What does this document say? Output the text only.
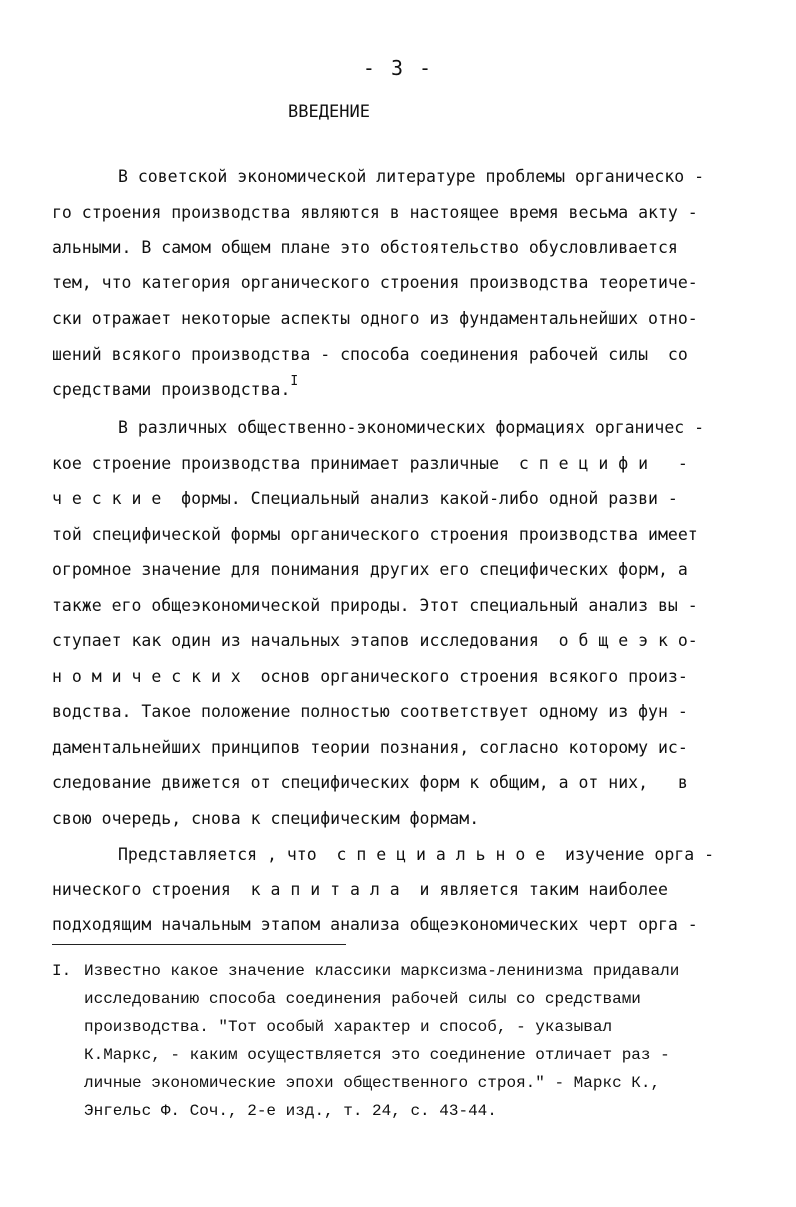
- 3 -
ВВЕДЕНИЕ
В советской экономической литературе проблемы органическо -
го строения производства являются в настоящее время весьма акту -
альными. В самом общем плане это обстоятельство обусловливается
тем, что категория органического строения производства теоретиче-
ски отражает некоторые аспекты одного из фундаментальнейших отно-
шений всякого производства - способа соединения рабочей силы  со
средствами производства.$^I$
В различных общественно-экономических формациях органичес -
кое строение производства принимает различные  с п е ц и ф и   -
ч е с к и е  формы. Специальный анализ какой-либо одной разви -
той специфической формы органического строения производства имеет
огромное значение для понимания других его специфических форм, а
также его общеэкономической природы. Этот специальный анализ вы -
ступает как один из начальных этапов исследования  о б щ е э к о-
н о м и ч е с к и х  основ органического строения всякого произ-
водства. Такое положение полностью соответствует одному из фун -
даментальнейших принципов теории познания, согласно которому ис-
следование движется от специфических форм к общим, а от них,   в
свою очередь, снова к специфическим формам.
Представляется , что  с п е ц и а л ь н о е  изучение орга -
нического строения  к а п и т а л а  и является таким наиболее
подходящим начальным этапом анализа общеэкономических черт орга -
I. Известно какое значение классики марксизма-ленинизма придавали
исследованию способа соединения рабочей силы со средствами
производства. "Тот особый характер и способ, - указывал
К.Маркс, - каким осуществляется это соединение отличает раз -
личные экономические эпохи общественного строя." - Маркс К.,
Энгельс Ф. Соч., 2-е изд., т. 24, с. 43-44.
